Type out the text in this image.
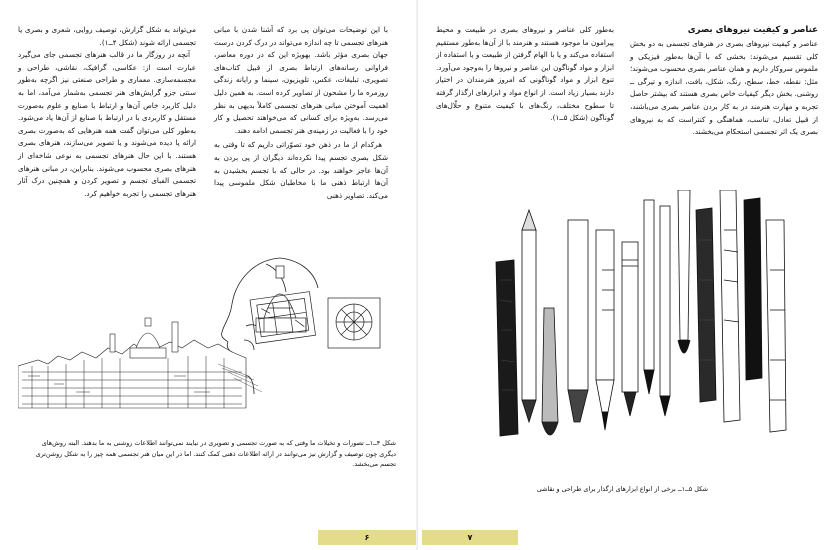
با این توضیحات می‌توان پی برد که آشنا شدن با مبانی هنرهای تجسمی تا چه اندازه می‌تواند در درک کردن درست جهان بصری مؤثر باشد. بهویژه این که در دوره معاصر، فراوانی رسانه‌های ارتباط بصری از قبیل کتاب‌های تصویری، تبلیغات، عکس، تلویزیون، سینما و رایانه زندگی روزمره ما را مشحون از تصاویر کرده است. به همین دلیل اهمیت آموختن مبانی هنرهای تجسمی کاملاً بدیهی به نظر می‌رسد. به‌ویژه برای کسانی که می‌خواهند تحصیل و کار خود را با فعالیت در زمینه‌ی هنر تجسمی ادامه دهند.

هرکدام از ما در ذهن خود تصوّراتی داریم که تا وقتی به شکل بصری تجسم پیدا نکرده‌اند دیگران از پی بردن به آن‌ها عاجز خواهند بود. در حالی که با تجسم بخشیدن به آن‌ها ارتباط ذهنی ما با مخاطبان شکل ملموسی پیدا می‌کند. تصاویر ذهنی

می‌تواند به شکل گزارش، توصیف روایی، شعری و بصری یا تجسمی ارائه شوند (شکل ۴ــ۱).

آنچه در روزگار ما در قالب هنرهای تجسمی جای می‌گیرد عبارت است از: عکاسی، گرافیک، نقاشی، طراحی و مجسمه‌سازی. معماری و طراحی صنعتی نیز اگرچه به‌طور سنتی جزو گرایش‌های هنر تجسمی به‌شمار می‌آمد، اما به دلیل کاربرد خاص آن‌ها و ارتباط با صنایع و علوم به‌صورت مستقل و کاربردی با در ارتباط با صنایع از آن‌ها یاد می‌شود. به‌طور کلی می‌توان گفت همه هنرهایی که به‌صورت بصری ارائه یا دیده می‌شوند و یا تصویر می‌سازند، هنرهای بصری هستند. با این حال هنرهای تجسمی به نوعی شاخه‌ای از هنرهای بصری محسوب می‌شوند. بنابراین، در مبانی هنرهای تجسمی الفبای تجسم و تصویر کردن و همچنین درک آثار هنرهای تجسمی را تجربه خواهیم کرد.

شکل ۴ــ۱ــ تصورات و تخیلات ما وقتی که به صورت تجسمی و تصویری در نیایند نمی‌توانند اطلاعات روشنی به ما بدهند. البته روش‌های دیگری چون توصیف و گزارش نیز می‌توانند در ارائه اطلاعات ذهنی کمک کنند. اما در این میان هنر تجسمی همه چیز را به شکل روشن‌تری تجسم می‌بخشد.
۶
عناصر و کیفیت نیروهای بصری

عناصر و کیفیت نیروهای بصری در هنرهای تجسمی به دو بخش کلی تقسیم می‌شوند: بخشی که با آن‌ها به‌طور فیزیکی و ملموس سروکار داریم و همان عناصر بصری محسوب می‌شوند؛ مثل: نقطه، خط، سطح، رنگ، شکل، بافت، اندازه و تیرگی ــ روشنی. بخش دیگر کیفیات خاص بصری هستند که بیشتر حاصل تجربه و مهارت هنرمند در به کار بردن عناصر بصری می‌باشند، از قبیل تعادل، تناسب، هماهنگی و کنتراست که به نیروهای بصری یک اثر تجسمی استحکام می‌بخشند.

به‌طور کلی عناصر و نیروهای بصری در طبیعت و محیط پیرامون ما موجود هستند و هنرمند با از آن‌ها به‌طور مستقیم استفاده می‌کند و یا با الهام گرفتن از طبیعت و یا استفاده از ابزار و مواد گوناگون این عناصر و نیروها را به‌وجود می‌آورد. تنوع ابزار و مواد گوناگونی که امروز هنرمندان در اختیار دارند بسیار زیاد است. از انواع مواد و ابزارهای ارگذار گرفته تا سطوح مختلف، رنگ‌های با کیفیت متنوع و حلّال‌های گوناگون (شکل ۵ــ۱).

شکل ۵ــ۱ــ برخی از انواع ابزارهای ارگذار برای طراحی و نقاشی
۷
